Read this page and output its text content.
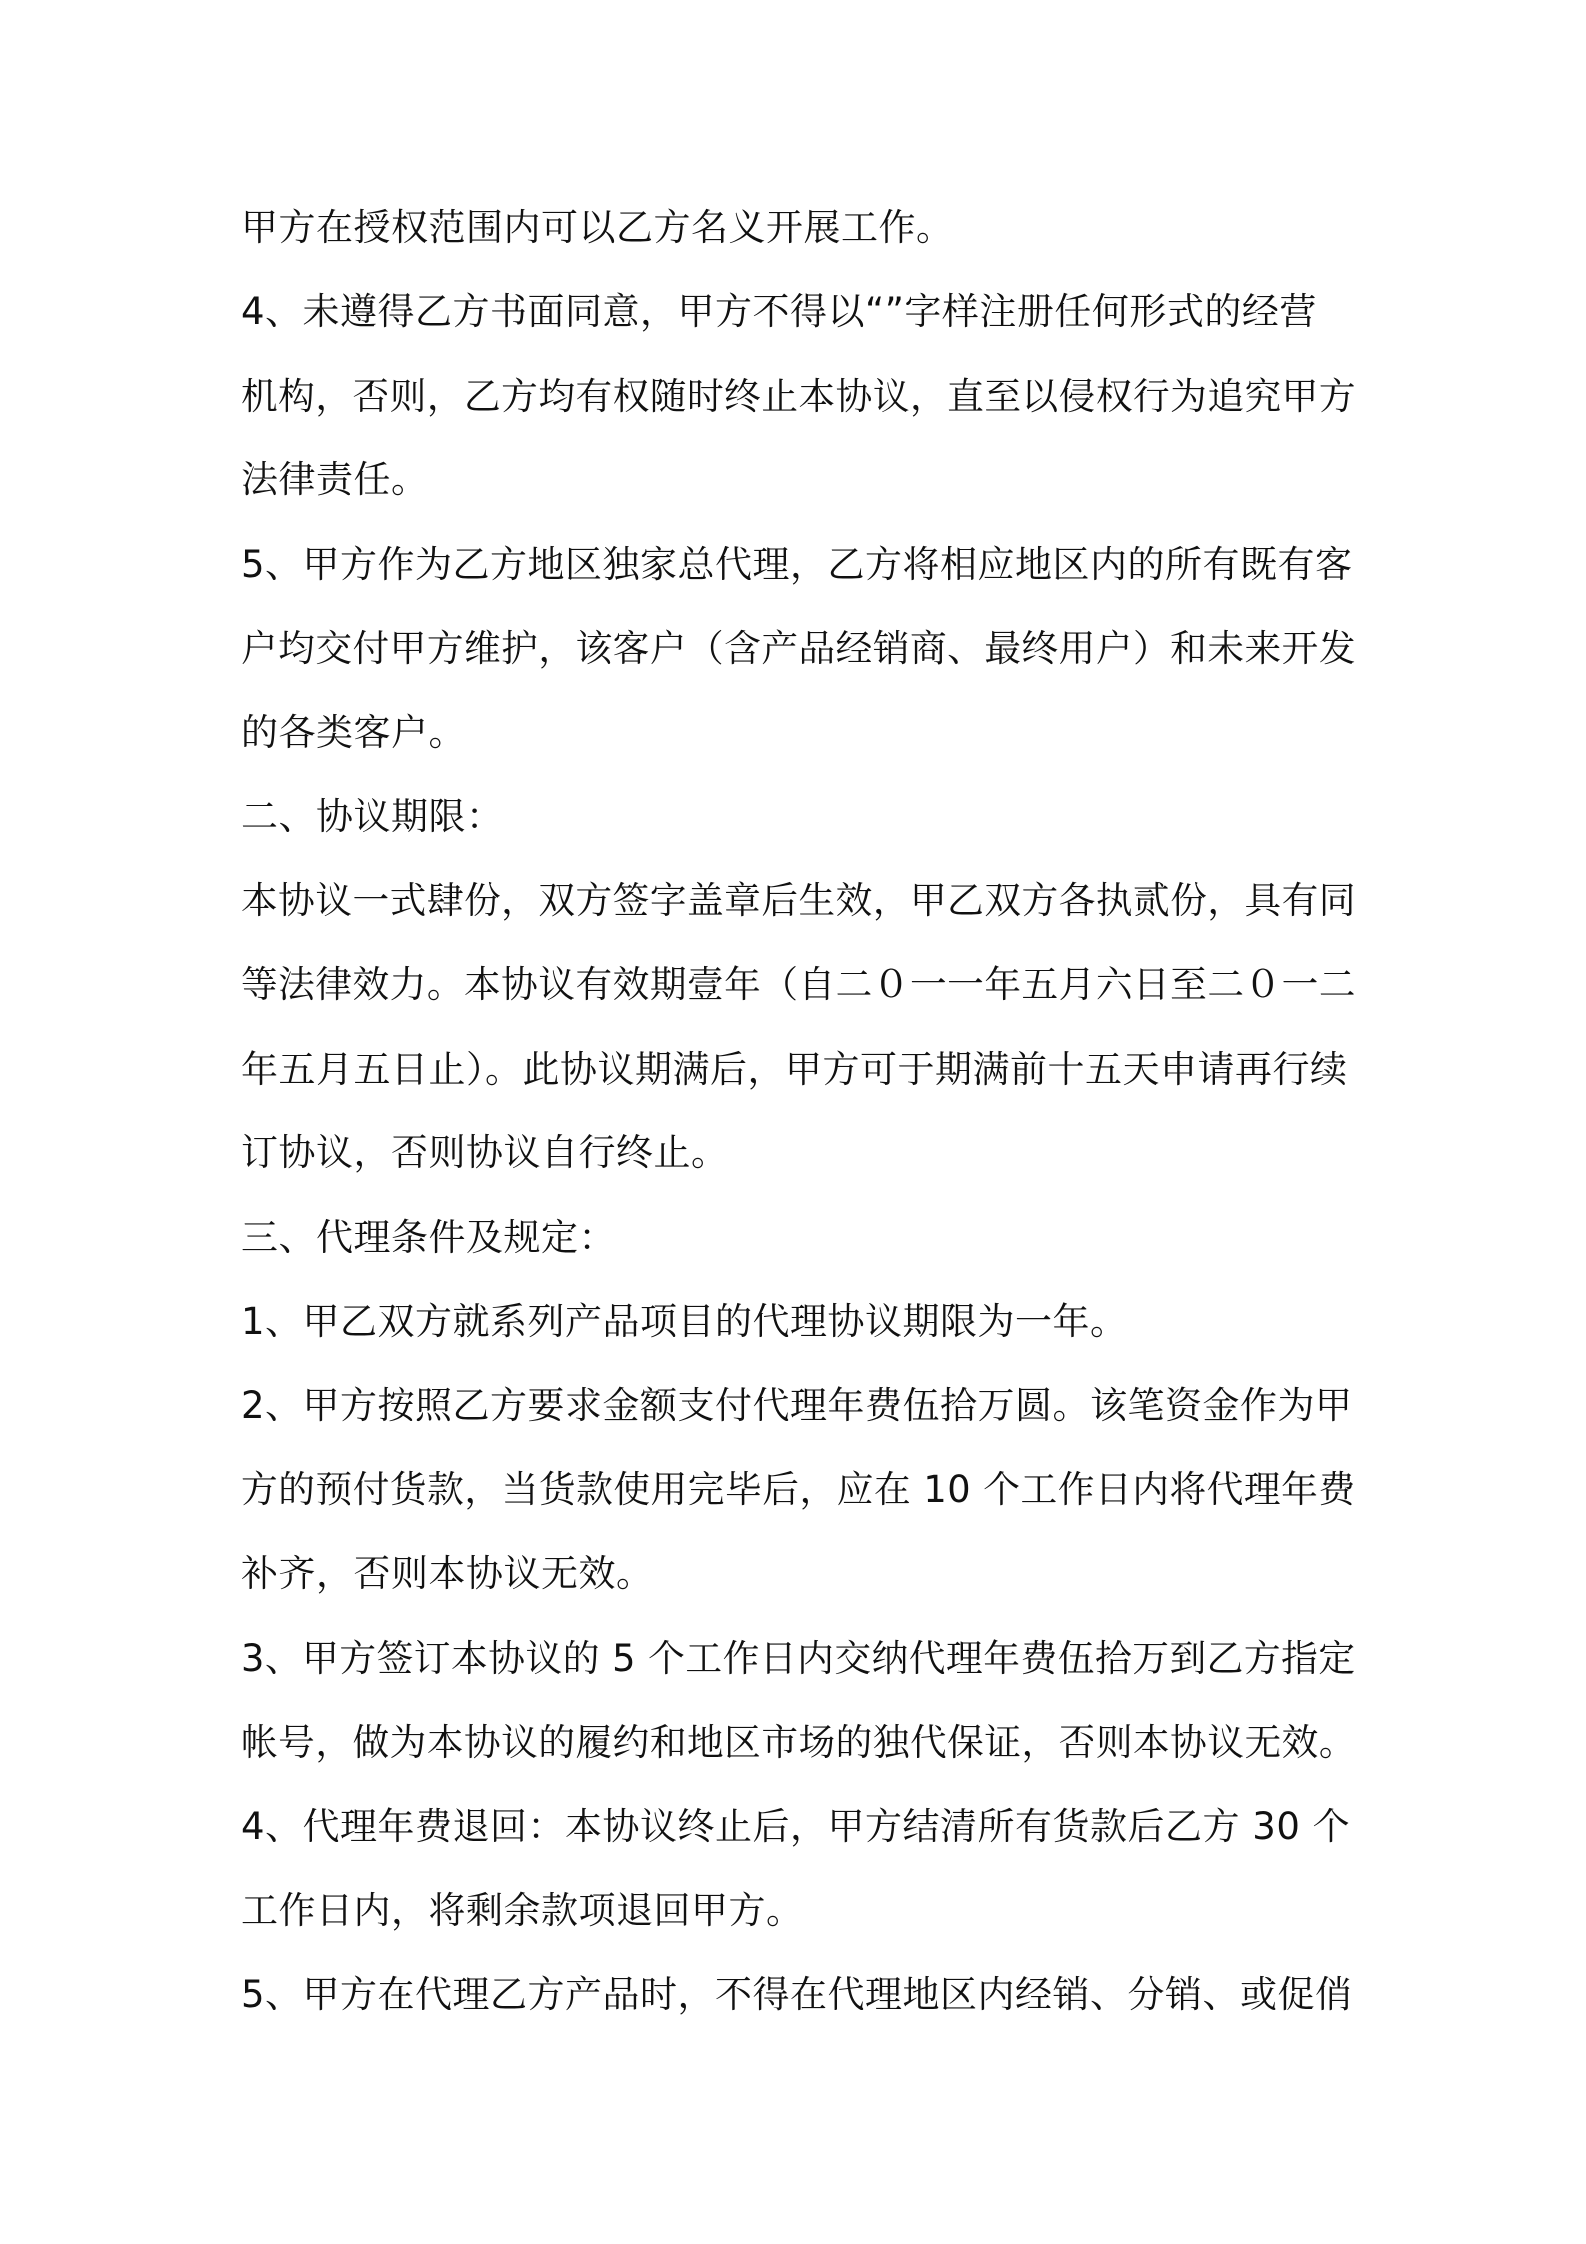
甲方在授权范围内可以乙方名义开展工作。
4、未遵得乙方书面同意，甲方不得以“”字样注册任何形式的经营
机构，否则，乙方均有权随时终止本协议，直至以侵权行为追究甲方
法律责任。
5、甲方作为乙方地区独家总代理，乙方将相应地区内的所有既有客
户均交付甲方维护，该客户（含产品经销商、最终用户）和未来开发
的各类客户。
二、协议期限：
本协议一式肆份，双方签字盖章后生效，甲乙双方各执贰份，具有同
等法律效力。本协议有效期壹年（自二０一一年五月六日至二０一二
年五月五日止）。此协议期满后，甲方可于期满前十五天申请再行续
订协议，否则协议自行终止。
三、代理条件及规定：
1、甲乙双方就系列产品项目的代理协议期限为一年。
2、甲方按照乙方要求金额支付代理年费伍拾万圆。该笔资金作为甲
方的预付货款，当货款使用完毕后，应在 10 个工作日内将代理年费
补齐，否则本协议无效。
3、甲方签订本协议的 5 个工作日内交纳代理年费伍拾万到乙方指定
帐号，做为本协议的履约和地区市场的独代保证，否则本协议无效。
4、代理年费退回：本协议终止后，甲方结清所有货款后乙方 30 个
工作日内，将剩余款项退回甲方。
5、甲方在代理乙方产品时，不得在代理地区内经销、分销、或促俏
